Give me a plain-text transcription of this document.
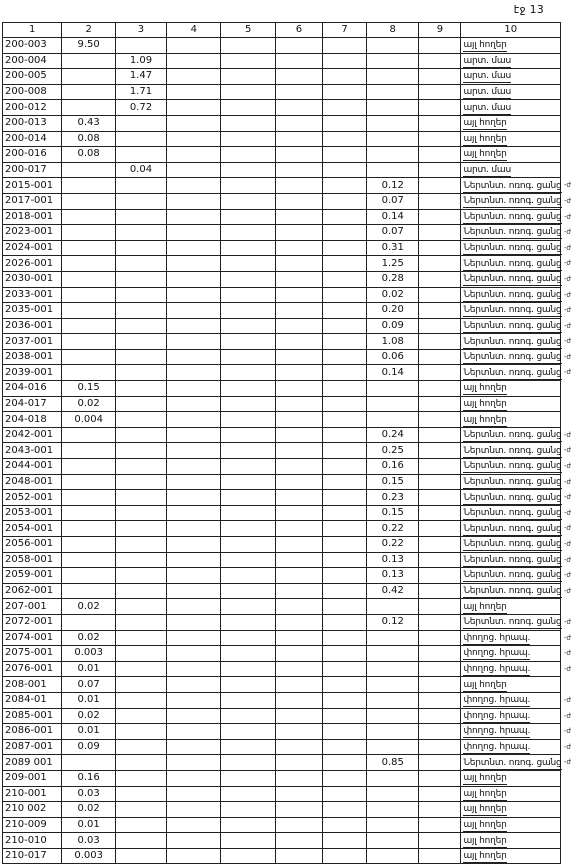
էջ 13
1	2	3	4	5	6	7	8	9	10
200-003	9.50								այլ հողեր

200-004		1.09							արտ. մաս

200-005		1.47							արտ. մաս

200-008		1.71							արտ. մաս

200-012		0.72							արտ. մաս

200-013	0.43								այլ հողեր

200-014	0.08								այլ հողեր

200-016	0.08								այլ հողեր

200-017		0.04							արտ. մաս

2015-001							0.12		Ներտնտ. ոռոգ. ցանց -ժ

2017-001							0.07		Ներտնտ. ոռոգ. ցանց -ժ

2018-001							0.14		Ներտնտ. ոռոգ. ցանց -ժ

2023-001							0.07		Ներտնտ. ոռոգ. ցանց -ժ

2024-001							0.31		Ներտնտ. ոռոգ. ցանց -ժ

2026-001							1.25		Ներտնտ. ոռոգ. ցանց -ժ

2030-001							0.28		Ներտնտ. ոռոգ. ցանց -ժ

2033-001							0.02		Ներտնտ. ոռոգ. ցանց -ժ

2035-001							0.20		Ներտնտ. ոռոգ. ցանց -ժ

2036-001							0.09		Ներտնտ. ոռոգ. ցանց -ժ

2037-001							1.08		Ներտնտ. ոռոգ. ցանց -ժ

2038-001							0.06		Ներտնտ. ոռոգ. ցանց -ժ

2039-001							0.14		Ներտնտ. ոռոգ. ցանց -ժ

204-016	0.15								այլ հողեր

204-017	0.02								այլ հողեր

204-018	0.004								այլ հողեր

2042-001							0.24		Ներտնտ. ոռոգ. ցանց -ժ

2043-001							0.25		Ներտնտ. ոռոգ. ցանց -ժ

2044-001							0.16		Ներտնտ. ոռոգ. ցանց -ժ

2048-001							0.15		Ներտնտ. ոռոգ. ցանց -ժ

2052-001							0.23		Ներտնտ. ոռոգ. ցանց -ժ

2053-001							0.15		Ներտնտ. ոռոգ. ցանց -ժ

2054-001							0.22		Ներտնտ. ոռոգ. ցանց -ժ

2056-001							0.22		Ներտնտ. ոռոգ. ցանց -ժ

2058-001							0.13		Ներտնտ. ոռոգ. ցանց -ժ

2059-001							0.13		Ներտնտ. ոռոգ. ցանց -ժ

2062-001							0.42		Ներտնտ. ոռոգ. ցանց -ժ

207-001	0.02								այլ հողեր

2072-001							0.12		Ներտնտ. ոռոգ. ցանց -ժ

2074-001	0.02								փողոց. հրապ. -ժ

2075-001	0.003								փողոց. հրապ. -ժ

2076-001	0.01								փողոց. հրապ. -ժ

208-001	0.07								այլ հողեր

2084-01	0.01								փողոց. հրապ. -ժ

2085-001	0.02								փողոց. հրապ. -ժ

2086-001	0.01								փողոց. հրապ. -ժ

2087-001	0.09								փողոց. հրապ. -ժ

2089 001							0.85		Ներտնտ. ոռոգ. ցանց -ժ

209-001	0.16								այլ հողեր

210-001	0.03								այլ հողեր

210 002	0.02								այլ հողեր

210-009	0.01								այլ հողեր

210-010	0.03								այլ հողեր

210-017	0.003								այլ հողեր
